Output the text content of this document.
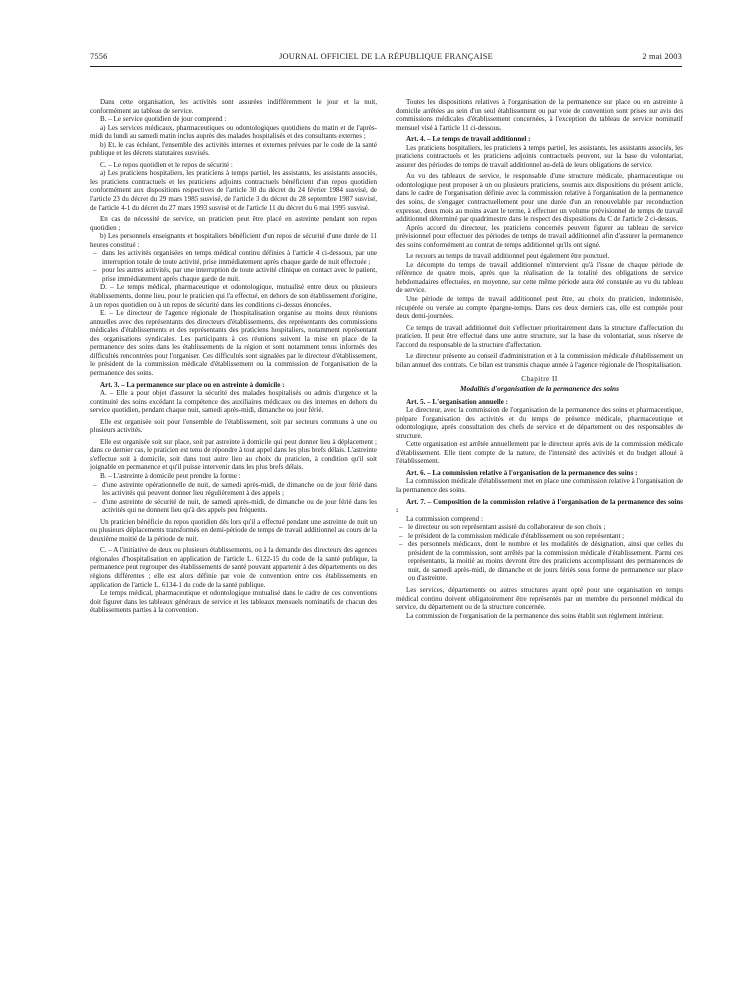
7556	JOURNAL OFFICIEL DE LA RÉPUBLIQUE FRANÇAISE	2 mai 2003

Dans cette organisation, les activités sont assurées indifféremment le jour et la nuit, conformément au tableau de service.

B. – Le service quotidien de jour comprend :

a) Les services médicaux, pharmaceutiques ou odontologiques quotidiens du matin et de l'après-midi du lundi au samedi matin inclus auprès des malades hospitalisés et des consultants externes ;

b) Et, le cas échéant, l'ensemble des activités internes et externes prévues par le code de la santé publique et les décrets statutaires susvisés.

C. – Le repos quotidien et le repos de sécurité :

a) Les praticiens hospitaliers, les praticiens à temps partiel, les assistants, les assistants associés, les praticiens contractuels et les praticiens adjoints contractuels bénéficient d'un repos quotidien conformément aux dispositions respectives de l'article 30 du décret du 24 février 1984 susvisé, de l'article 23 du décret du 29 mars 1985 susvisé, de l'article 3 du décret du 28 septembre 1987 susvisé, de l'article 4-1 du décret du 27 mars 1993 susvisé et de l'article 11 du décret du 6 mai 1995 susvisé.

En cas de nécessité de service, un praticien peut être placé en astreinte pendant son repos quotidien ;

b) Les personnels enseignants et hospitaliers bénéficient d'un repos de sécurité d'une durée de 11 heures constitué :

– dans les activités organisées en temps médical continu définies à l'article 4 ci-dessous, par une interruption totale de toute activité, prise immédiatement après chaque garde de nuit effectuée ;
– pour les autres activités, par une interruption de toute activité clinique en contact avec le patient, prise immédiatement après chaque garde de nuit.

D. – Le temps médical, pharmaceutique et odontologique, mutualisé entre deux ou plusieurs établissements, donne lieu, pour le praticien qui l'a effectué, en dehors de son établissement d'origine, à un repos quotidien ou à un repos de sécurité dans les conditions ci-dessus énoncées.

E. – Le directeur de l'agence régionale de l'hospitalisation organise au moins deux réunions annuelles avec des représentants des directeurs d'établissements, des représentants des commissions médicales d'établissements et des représentants des praticiens hospitaliers, notamment représentant des organisations syndicales. Les participants à ces réunions suivent la mise en place de la permanence des soins dans les établissements de la région et sont notamment tenus informés des difficultés rencontrées pour l'organiser. Ces difficultés sont signalées par le directeur d'établissement, le président de la commission médicale d'établissement ou la commission de l'organisation de la permanence des soins.

Art. 3. – La permanence sur place ou en astreinte à domicile :

A. – Elle a pour objet d'assurer la sécurité des malades hospitalisés ou admis d'urgence et la continuité des soins excédant la compétence des auxiliaires médicaux ou des internes en dehors du service quotidien, pendant chaque nuit, samedi après-midi, dimanche ou jour férié.

Elle est organisée soit pour l'ensemble de l'établissement, soit par secteurs communs à une ou plusieurs activités.

Elle est organisée soit sur place, soit par astreinte à domicile qui peut donner lieu à déplacement ; dans ce dernier cas, le praticien est tenu de répondre à tout appel dans les plus brefs délais. L'astreinte s'effectue soit à domicile, soit dans tout autre lieu au choix du praticien, à condition qu'il soit joignable en permanence et qu'il puisse intervenir dans les plus brefs délais.

B. – L'astreinte à domicile peut prendre la forme :

– d'une astreinte opérationnelle de nuit, de samedi après-midi, de dimanche ou de jour férié dans les activités qui peuvent donner lieu régulièrement à des appels ;
– d'une astreinte de sécurité de nuit, de samedi après-midi, de dimanche ou de jour férié dans les activités qui ne donnent lieu qu'à des appels peu fréquents.

Un praticien bénéficie du repos quotidien dès lors qu'il a effectué pendant une astreinte de nuit un ou plusieurs déplacements transformés en demi-période de temps de travail additionnel au cours de la deuxième moitié de la période de nuit.

C. – A l'initiative de deux ou plusieurs établissements, ou à la demande des directeurs des agences régionales d'hospitalisation en application de l'article L. 6122-15 du code de la santé publique, la permanence peut regrouper des établissements de santé pouvant appartenir à des départements ou des régions différentes ; elle est alors définie par voie de convention entre ces établissements en application de l'article L. 6134-1 du code de la santé publique.

Le temps médical, pharmaceutique et odontologique mutualisé dans le cadre de ces conventions doit figurer dans les tableaux généraux de service et les tableaux mensuels nominatifs de chacun des établissements parties à la convention.

Toutes les dispositions relatives à l'organisation de la permanence sur place ou en astreinte à domicile arrêtées au sein d'un seul établissement ou par voie de convention sont prises sur avis des commissions médicales d'établissement concernées, à l'exception du tableau de service nominatif mensuel visé à l'article 11 ci-dessous.

Art. 4. – Le temps de travail additionnel :

Les praticiens hospitaliers, les praticiens à temps partiel, les assistants, les assistants associés, les praticiens contractuels et les praticiens adjoints contractuels peuvent, sur la base du volontariat, assurer des périodes de temps de travail additionnel au-delà de leurs obligations de service.

Au vu des tableaux de service, le responsable d'une structure médicale, pharmaceutique ou odontologique peut proposer à un ou plusieurs praticiens, soumis aux dispositions du présent article, dans le cadre de l'organisation définie avec la commission relative à l'organisation de la permanence des soins, de s'engager contractuellement pour une durée d'un an renouvelable par reconduction expresse, deux mois au moins avant le terme, à effectuer un volume prévisionnel de temps de travail additionnel déterminé par quadrimestre dans le respect des dispositions du C de l'article 2 ci-dessus.

Après accord du directeur, les praticiens concernés peuvent figurer au tableau de service prévisionnel pour effectuer des périodes de temps de travail additionnel afin d'assurer la permanence des soins conformément au contrat de temps additionnel qu'ils ont signé.

Le recours au temps de travail additionnel peut également être ponctuel.

Le décompte du temps de travail additionnel n'intervient qu'à l'issue de chaque période de référence de quatre mois, après que la réalisation de la totalité des obligations de service hebdomadaires effectuées, en moyenne, sur cette même période aura été constatée au vu du tableau de service.

Une période de temps de travail additionnel peut être, au choix du praticien, indemnisée, récupérée ou versée au compte épargne-temps. Dans ces deux derniers cas, elle est comptée pour deux demi-journées.

Ce temps de travail additionnel doit s'effectuer prioritairement dans la structure d'affectation du praticien. Il peut être effectué dans une autre structure, sur la base du volontariat, sous réserve de l'accord du responsable de la structure d'affectation.

Le directeur présente au conseil d'administration et à la commission médicale d'établissement un bilan annuel des contrats. Ce bilan est transmis chaque année à l'agence régionale de l'hospitalisation.

Chapitre II
Modalités d'organisation de la permanence des soins

Art. 5. – L'organisation annuelle :

Le directeur, avec la commission de l'organisation de la permanence des soins et pharmaceutique, prépare l'organisation des activités et du temps de présence médicale, pharmaceutique et odontologique, après consultation des chefs de service et de département ou des responsables de structure.

Cette organisation est arrêtée annuellement par le directeur après avis de la commission médicale d'établissement. Elle tient compte de la nature, de l'intensité des activités et du budget alloué à l'établissement.

Art. 6. – La commission relative à l'organisation de la permanence des soins :

La commission médicale d'établissement met en place une commission relative à l'organisation de la permanence des soins.

Art. 7. – Composition de la commission relative à l'organisation de la permanence des soins :

La commission comprend :

– le directeur ou son représentant assisté du collaborateur de son choix ;
– le président de la commission médicale d'établissement ou son représentant ;
– des personnels médicaux, dont le nombre et les modalités de désignation, ainsi que celles du président de la commission, sont arrêtés par la commission médicale d'établissement. Parmi ces représentants, la moitié au moins devront être des praticiens accomplissant des permanences de nuit, de samedi après-midi, de dimanche et de jours fériés sous forme de permanence sur place ou d'astreinte.

Les services, départements ou autres structures ayant opté pour une organisation en temps médical continu doivent obligatoirement être représentés par un membre du personnel médical du service, du département ou de la structure concernée.

La commission de l'organisation de la permanence des soins établit son règlement intérieur.
